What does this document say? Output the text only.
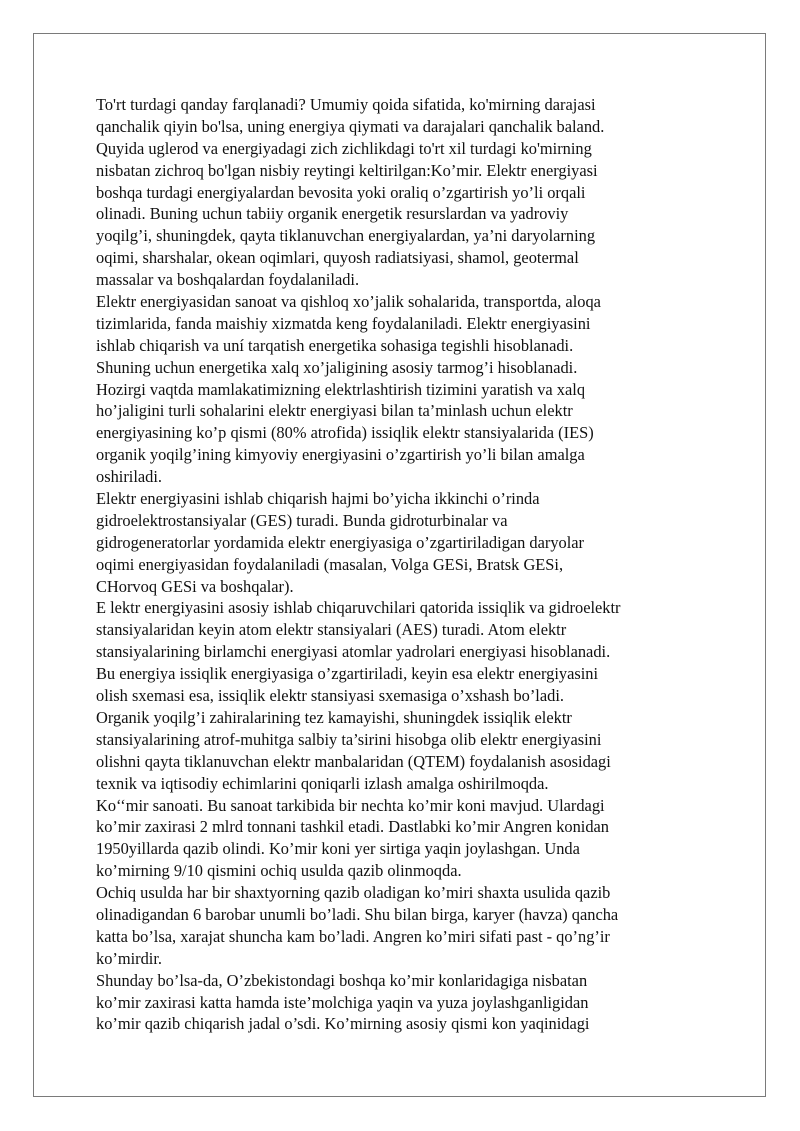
To'rt turdagi qanday farqlanadi? Umumiy qoida sifatida, ko'mirning darajasi
qanchalik qiyin bo'lsa, uning energiya qiymati va darajalari qanchalik baland.
Quyida uglerod va energiyadagi zich zichlikdagi to'rt xil turdagi ko'mirning
nisbatan zichroq bo'lgan nisbiy reytingi keltirilgan:Ko’mir. Elektr energiyasi
boshqa turdagi energiyalardan bevosita yoki oraliq o’zgartirish yo’li orqali
olinadi. Buning uchun tabiiy organik energetik resurslardan va yadroviy
yoqilg’i, shuningdek, qayta tiklanuvchan energiyalardan, ya’ni daryolarning
oqimi, sharshalar, okean oqimlari, quyosh radiatsiyasi, shamol, geotermal
massalar va boshqalardan foydalaniladi.
Elektr energiyasidan sanoat va qishloq xo’jalik sohalarida, transportda, aloqa
tizimlarida, fanda maishiy xizmatda keng foydalaniladi. Elektr energiyasini
ishlab chiqarish va uní tarqatish energetika sohasiga tegishli hisoblanadi.
Shuning uchun energetika xalq xo’jaligining asosiy tarmog’i hisoblanadi.
Hozirgi vaqtda mamlakatimizning elektrlashtirish tizimini yaratish va xalq
ho’jaligini turli sohalarini elektr energiyasi bilan ta’minlash uchun elektr
energiyasining ko’p qismi (80% atrofida) issiqlik elektr stansiyalarida (IES)
organik yoqilg’ining kimyoviy energiyasini o’zgartirish yo’li bilan amalga
oshiriladi.
Elektr energiyasini ishlab chiqarish hajmi bo’yicha ikkinchi o’rinda
gidroelektrostansiyalar (GES) turadi. Bunda gidroturbinalar va
gidrogeneratorlar yordamida elektr energiyasiga o’zgartiriladigan daryolar
oqimi energiyasidan foydalaniladi (masalan, Volga GESi, Bratsk GESi,
CHorvoq GESi va boshqalar).
E lektr energiyasini asosiy ishlab chiqaruvchilari qatorida issiqlik va gidroelektr
stansiyalaridan keyin atom elektr stansiyalari (AES) turadi. Atom elektr
stansiyalarining birlamchi energiyasi atomlar yadrolari energiyasi hisoblanadi.
Bu energiya issiqlik energiyasiga o’zgartiriladi, keyin esa elektr energiyasini
olish sxemasi esa, issiqlik elektr stansiyasi sxemasiga o’xshash bo’ladi.
Organik yoqilg’i zahiralarining tez kamayishi, shuningdek issiqlik elektr
stansiyalarining atrof-muhitga salbiy ta’sirini hisobga olib elektr energiyasini
olishni qayta tiklanuvchan elektr manbalaridan (QTEM) foydalanish asosidagi
texnik va iqtisodiy echimlarini qoniqarli izlash amalga oshirilmoqda.
Ko‘‘mir sanoati. Bu sanoat tarkibida bir nechta ko’mir koni mavjud. Ulardagi
ko’mir zaxirasi 2 mlrd tonnani tashkil etadi. Dastlabki ko’mir Angren konidan
1950yillarda qazib olindi. Ko’mir koni yer sirtiga yaqin joylashgan. Unda
ko’mirning 9/10 qismini ochiq usulda qazib olinmoqda.
Ochiq usulda har bir shaxtyorning qazib oladigan ko’miri shaxta usulida qazib
olinadigandan 6 barobar unumli bo’ladi. Shu bilan birga, karyer (havza) qancha
katta bo’lsa, xarajat shuncha kam bo’ladi. Angren ko’miri sifati past - qo’ng’ir
ko’mirdir.
Shunday bo’lsa-da, O’zbekistondagi boshqa ko’mir konlaridagiga nisbatan
ko’mir zaxirasi katta hamda iste’molchiga yaqin va yuza joylashganligidan
ko’mir qazib chiqarish jadal o’sdi. Ko’mirning asosiy qismi kon yaqinidagi
